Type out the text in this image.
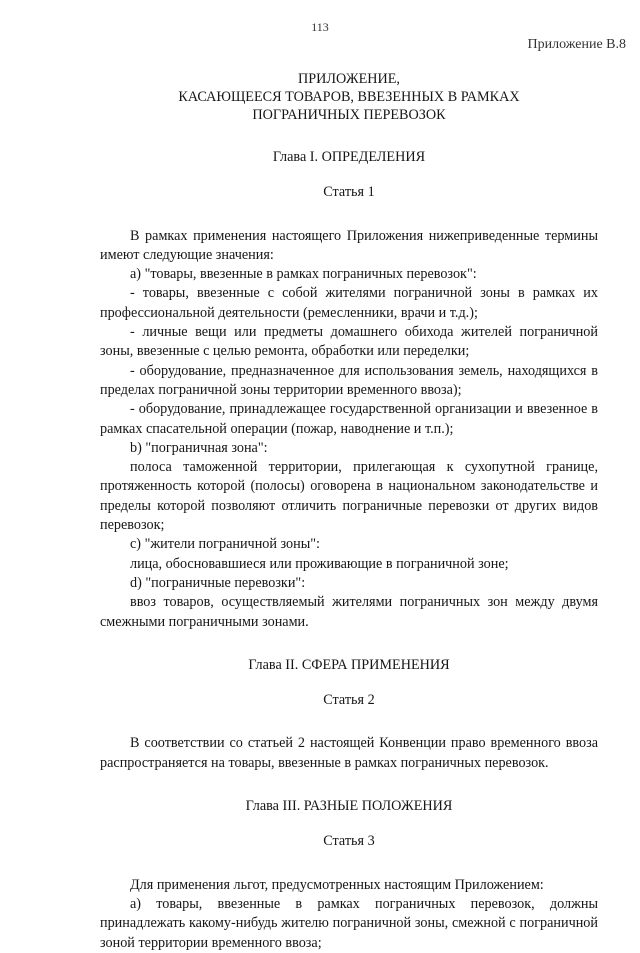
113
Приложение B.8
ПРИЛОЖЕНИЕ,
КАСАЮЩЕЕСЯ ТОВАРОВ, ВВЕЗЕННЫХ В РАМКАХ
ПОГРАНИЧНЫХ ПЕРЕВОЗОК
Глава I. ОПРЕДЕЛЕНИЯ
Статья 1

В рамках применения настоящего Приложения нижеприведенные термины имеют следующие значения:

а) "товары, ввезенные в рамках пограничных перевозок":

- товары, ввезенные с собой жителями пограничной зоны в рамках их профессиональной деятельности (ремесленники, врачи и т.д.);

- личные вещи или предметы домашнего обихода жителей пограничной зоны, ввезенные с целью ремонта, обработки или переделки;

- оборудование, предназначенное для использования земель, находящихся в пределах пограничной зоны территории временного ввоза);

- оборудование, принадлежащее государственной организации и ввезенное в рамках спасательной операции (пожар, наводнение и т.п.);

b) "пограничная зона":

полоса таможенной территории, прилегающая к сухопутной границе, протяженность которой (полосы) оговорена в национальном законодательстве и пределы которой позволяют отличить пограничные перевозки от других видов перевозок;

с) "жители пограничной зоны":

лица, обосновавшиеся или проживающие в пограничной зоне;

d) "пограничные перевозки":

ввоз товаров, осуществляемый жителями пограничных зон между двумя смежными пограничными зонами.

Глава II. СФЕРА ПРИМЕНЕНИЯ
Статья 2

В соответствии со статьей 2 настоящей Конвенции право временного ввоза распространяется на товары, ввезенные в рамках пограничных перевозок.

Глава III. РАЗНЫЕ ПОЛОЖЕНИЯ
Статья 3

Для применения льгот, предусмотренных настоящим Приложением:

а) товары, ввезенные в рамках пограничных перевозок, должны принадлежать какому-нибудь жителю пограничной зоны, смежной с пограничной зоной территории временного ввоза;
